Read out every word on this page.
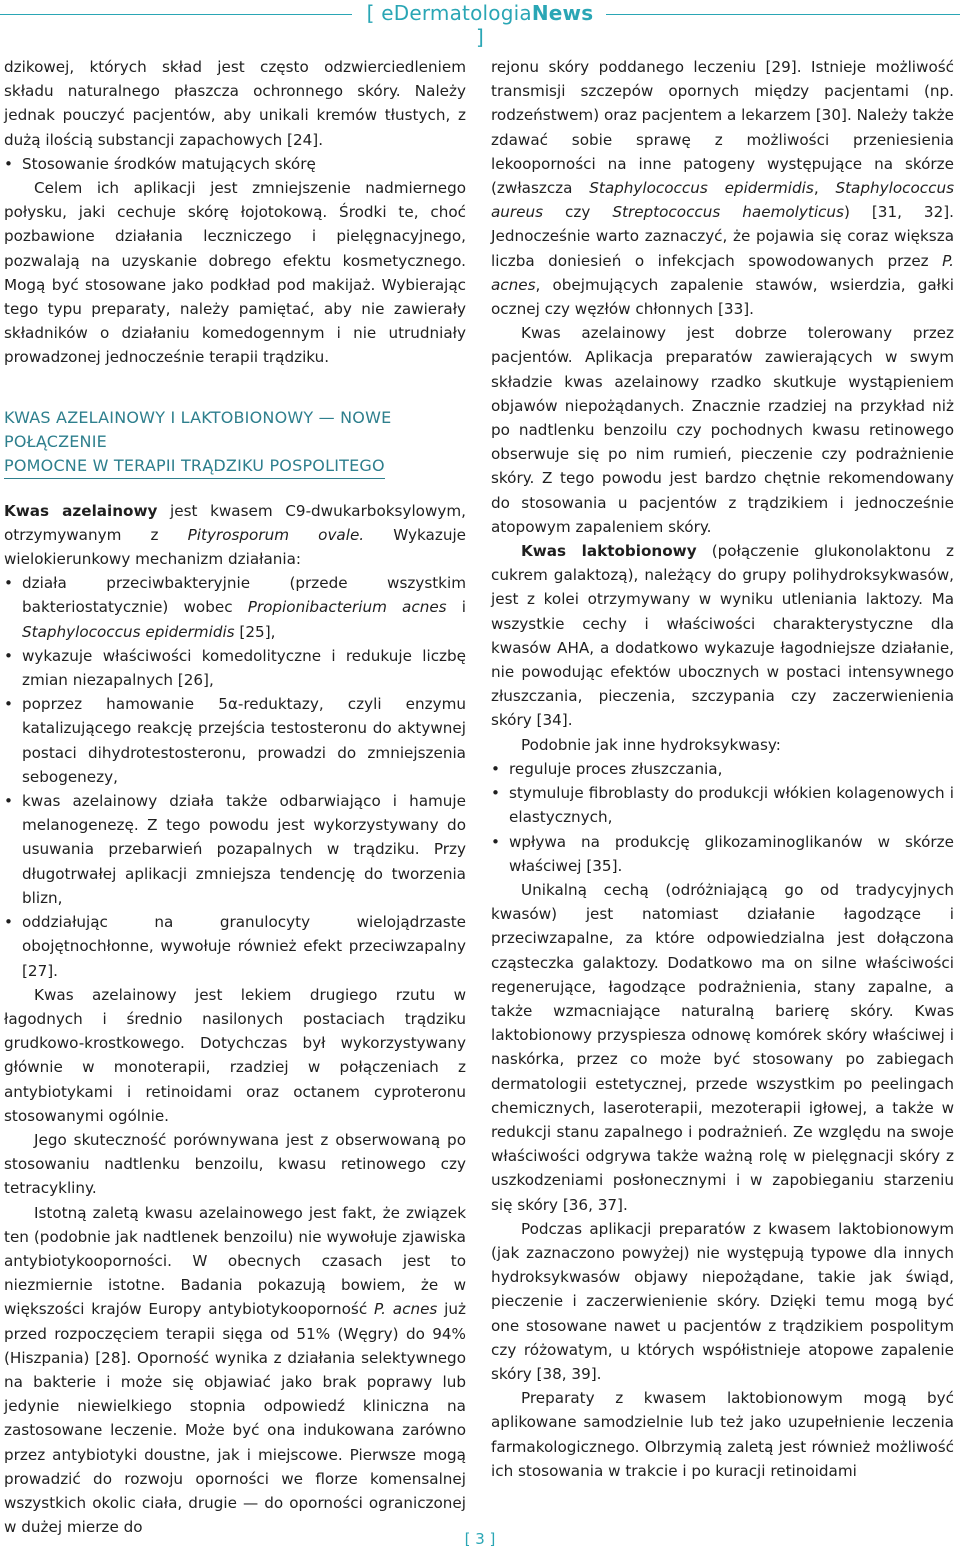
[ eDermatologiaNews ]

dzikowej, których skład jest często odzwierciedleniem składu naturalnego płaszcza ochronnego skóry. Należy jednak pouczyć pacjentów, aby unikali kremów tłustych, z dużą ilością substancji zapachowych [24].

• Stosowanie środków matujących skórę

Celem ich aplikacji jest zmniejszenie nadmiernego połysku, jaki cechuje skórę łojotokową. Środki te, choć pozbawione działania leczniczego i pielęgnacyjnego, pozwalają na uzyskanie dobrego efektu kosmetycznego. Mogą być stosowane jako podkład pod makijaż. Wybierając tego typu preparaty, należy pamiętać, aby nie zawierały składników o działaniu komedogennym i nie utrudniały prowadzonej jednocześnie terapii trądziku.

KWAS AZELAINOWY I LAKTOBIONOWY — NOWE POŁĄCZENIE
POMOCNE W TERAPII TRĄDZIKU POSPOLITEGO

Kwas azelainowy jest kwasem C9-dwukarboksylowym, otrzymywanym z Pityrosporum ovale. Wykazuje wielokierunkowy mechanizm działania:

• działa przeciwbakteryjnie (przede wszystkim bakteriostatycznie) wobec Propionibacterium acnes i Staphylococcus epidermidis [25],
• wykazuje właściwości komedolityczne i redukuje liczbę zmian niezapalnych [26],
• poprzez hamowanie 5α-reduktazy, czyli enzymu katalizującego reakcję przejścia testosteronu do aktywnej postaci dihydrotestosteronu, prowadzi do zmniejszenia sebogenezy,
• kwas azelainowy działa także odbarwiająco i hamuje melanogenezę. Z tego powodu jest wykorzystywany do usuwania przebarwień pozapalnych w trądziku. Przy długotrwałej aplikacji zmniejsza tendencję do tworzenia blizn,
• oddziałując na granulocyty wielojądrzaste obojętnochłonne, wywołuje również efekt przeciwzapalny [27].

Kwas azelainowy jest lekiem drugiego rzutu w łagodnych i średnio nasilonych postaciach trądziku grudkowo-krostkowego. Dotychczas był wykorzystywany głównie w monoterapii, rzadziej w połączeniach z antybiotykami i retinoidami oraz octanem cyproteronu stosowanymi ogólnie.

Jego skuteczność porównywana jest z obserwowaną po stosowaniu nadtlenku benzoilu, kwasu retinowego czy tetracykliny.

Istotną zaletą kwasu azelainowego jest fakt, że związek ten (podobnie jak nadtlenek benzoilu) nie wywołuje zjawiska antybiotykooporności. W obecnych czasach jest to niezmiernie istotne. Badania pokazują bowiem, że w większości krajów Europy antybiotykooporność P. acnes już przed rozpoczęciem terapii sięga od 51% (Węgry) do 94% (Hiszpania) [28]. Oporność wynika z działania selektywnego na bakterie i może się objawiać jako brak poprawy lub jedynie niewielkiego stopnia odpowiedź kliniczna na zastosowane leczenie. Może być ona indukowana zarówno przez antybiotyki doustne, jak i miejscowe. Pierwsze mogą prowadzić do rozwoju oporności we florze komensalnej wszystkich okolic ciała, drugie — do oporności ograniczonej w dużej mierze do

rejonu skóry poddanego leczeniu [29]. Istnieje możliwość transmisji szczepów opornych między pacjentami (np. rodzeństwem) oraz pacjentem a lekarzem [30]. Należy także zdawać sobie sprawę z możliwości przeniesienia lekooporności na inne patogeny występujące na skórze (zwłaszcza Staphylococcus epidermidis, Staphylococcus aureus czy Streptococcus haemolyticus) [31, 32]. Jednocześnie warto zaznaczyć, że pojawia się coraz większa liczba doniesień o infekcjach spowodowanych przez P. acnes, obejmujących zapalenie stawów, wsierdzia, gałki ocznej czy węzłów chłonnych [33].

Kwas azelainowy jest dobrze tolerowany przez pacjentów. Aplikacja preparatów zawierających w swym składzie kwas azelainowy rzadko skutkuje wystąpieniem objawów niepożądanych. Znacznie rzadziej na przykład niż po nadtlenku benzoilu czy pochodnych kwasu retinowego obserwuje się po nim rumień, pieczenie czy podrażnienie skóry. Z tego powodu jest bardzo chętnie rekomendowany do stosowania u pacjentów z trądzikiem i jednocześnie atopowym zapaleniem skóry.

Kwas laktobionowy (połączenie glukonolaktonu z cukrem galaktozą), należący do grupy polihydroksykwasów, jest z kolei otrzymywany w wyniku utleniania laktozy. Ma wszystkie cechy i właściwości charakterystyczne dla kwasów AHA, a dodatkowo wykazuje łagodniejsze działanie, nie powodując efektów ubocznych w postaci intensywnego złuszczania, pieczenia, szczypania czy zaczerwienienia skóry [34].

Podobnie jak inne hydroksykwasy:

• reguluje proces złuszczania,
• stymuluje fibroblasty do produkcji włókien kolagenowych i elastycznych,
• wpływa na produkcję glikozaminoglikanów w skórze właściwej [35].

Unikalną cechą (odróżniającą go od tradycyjnych kwasów) jest natomiast działanie łagodzące i przeciwzapalne, za które odpowiedzialna jest dołączona cząsteczka galaktozy. Dodatkowo ma on silne właściwości regenerujące, łagodzące podrażnienia, stany zapalne, a także wzmacniające naturalną barierę skóry. Kwas laktobionowy przyspiesza odnowę komórek skóry właściwej i naskórka, przez co może być stosowany po zabiegach dermatologii estetycznej, przede wszystkim po peelingach chemicznych, laseroterapii, mezoterapii igłowej, a także w redukcji stanu zapalnego i podrażnień. Ze względu na swoje właściwości odgrywa także ważną rolę w pielęgnacji skóry z uszkodzeniami posłonecznymi i w zapobieganiu starzeniu się skóry [36, 37].

Podczas aplikacji preparatów z kwasem laktobionowym (jak zaznaczono powyżej) nie występują typowe dla innych hydroksykwasów objawy niepożądane, takie jak świąd, pieczenie i zaczerwienienie skóry. Dzięki temu mogą być one stosowane nawet u pacjentów z trądzikiem pospolitym czy różowatym, u których współistnieje atopowe zapalenie skóry [38, 39].

Preparaty z kwasem laktobionowym mogą być aplikowane samodzielnie lub też jako uzupełnienie leczenia farmakologicznego. Olbrzymią zaletą jest również możliwość ich stosowania w trakcie i po kuracji retinoidami

[ 3 ]
